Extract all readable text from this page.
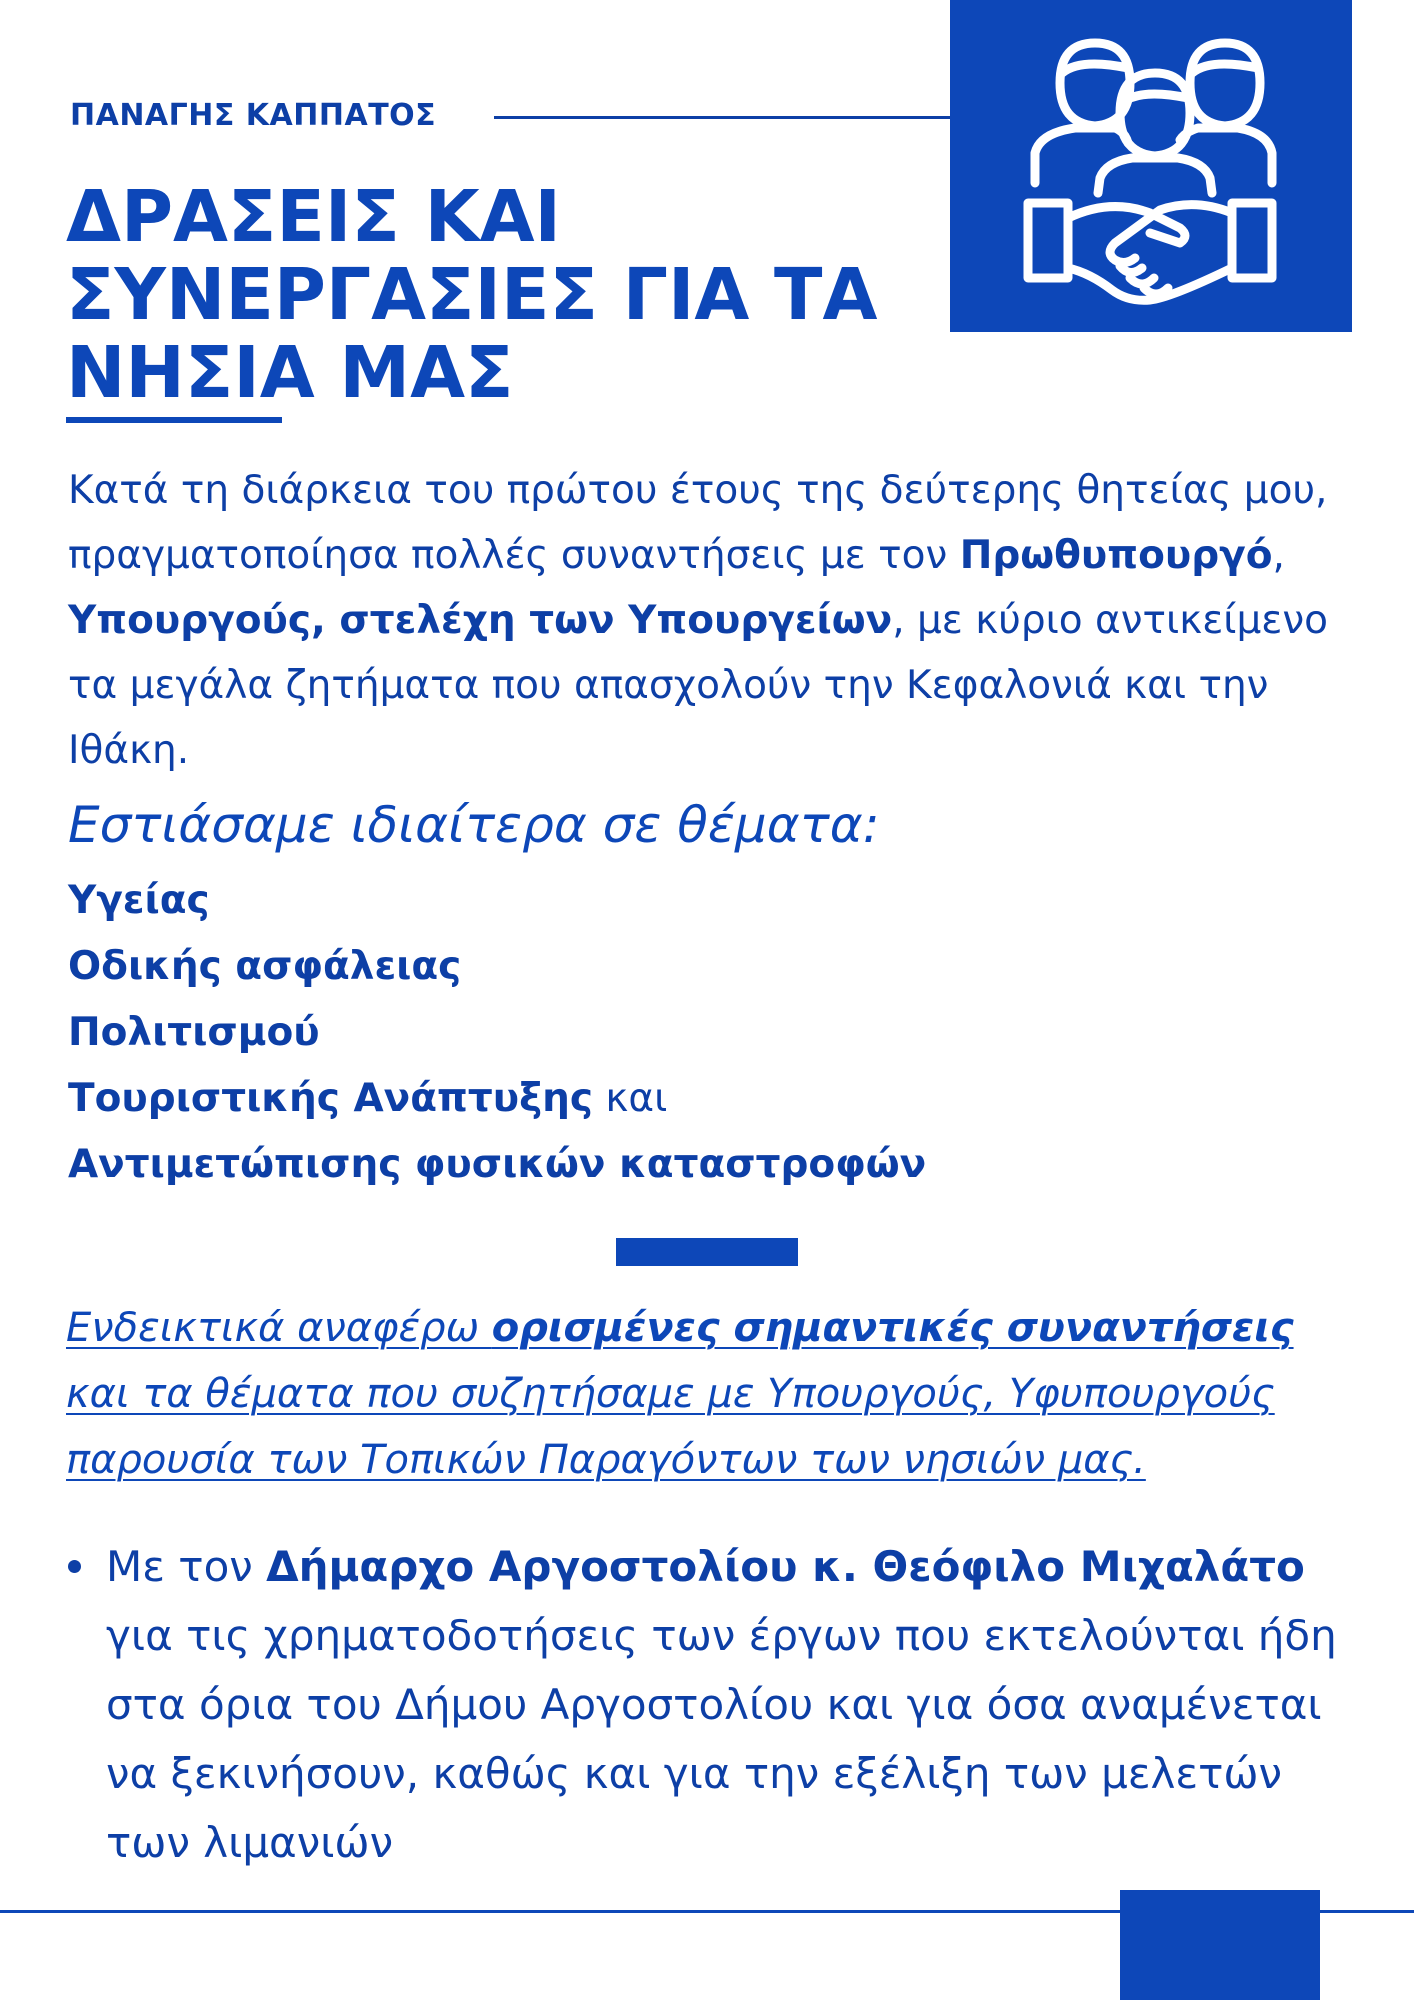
ΠΑΝΑΓΗΣ ΚΑΠΠΑΤΟΣ
ΔΡΑΣΕΙΣ ΚΑΙ ΣΥΝΕΡΓΑΣΙΕΣ ΓΙΑ ΤΑ ΝΗΣΙΑ ΜΑΣ

Κατά τη διάρκεια του πρώτου έτους της δεύτερης θητείας μου, πραγματοποίησα πολλές συναντήσεις με τον Πρωθυπουργό, Υπουργούς, στελέχη των Υπουργείων, με κύριο αντικείμενο τα μεγάλα ζητήματα που απασχολούν την Κεφαλονιά και την Ιθάκη.

Εστιάσαμε ιδιαίτερα σε θέματα:

Υγείας
Οδικής ασφάλειας
Πολιτισμού
Τουριστικής Ανάπτυξης και
Αντιμετώπισης φυσικών καταστροφών

Ενδεικτικά αναφέρω ορισμένες σημαντικές συναντήσεις και τα θέματα που συζητήσαμε με Υπουργούς, Υφυπουργούς παρουσία των Τοπικών Παραγόντων των νησιών μας.

Με τον Δήμαρχο Αργοστολίου κ. Θεόφιλο Μιχαλάτο για τις χρηματοδοτήσεις των έργων που εκτελούνται ήδη στα όρια του Δήμου Αργοστολίου και για όσα αναμένεται να ξεκινήσουν, καθώς και για την εξέλιξη των μελετών των λιμανιών
